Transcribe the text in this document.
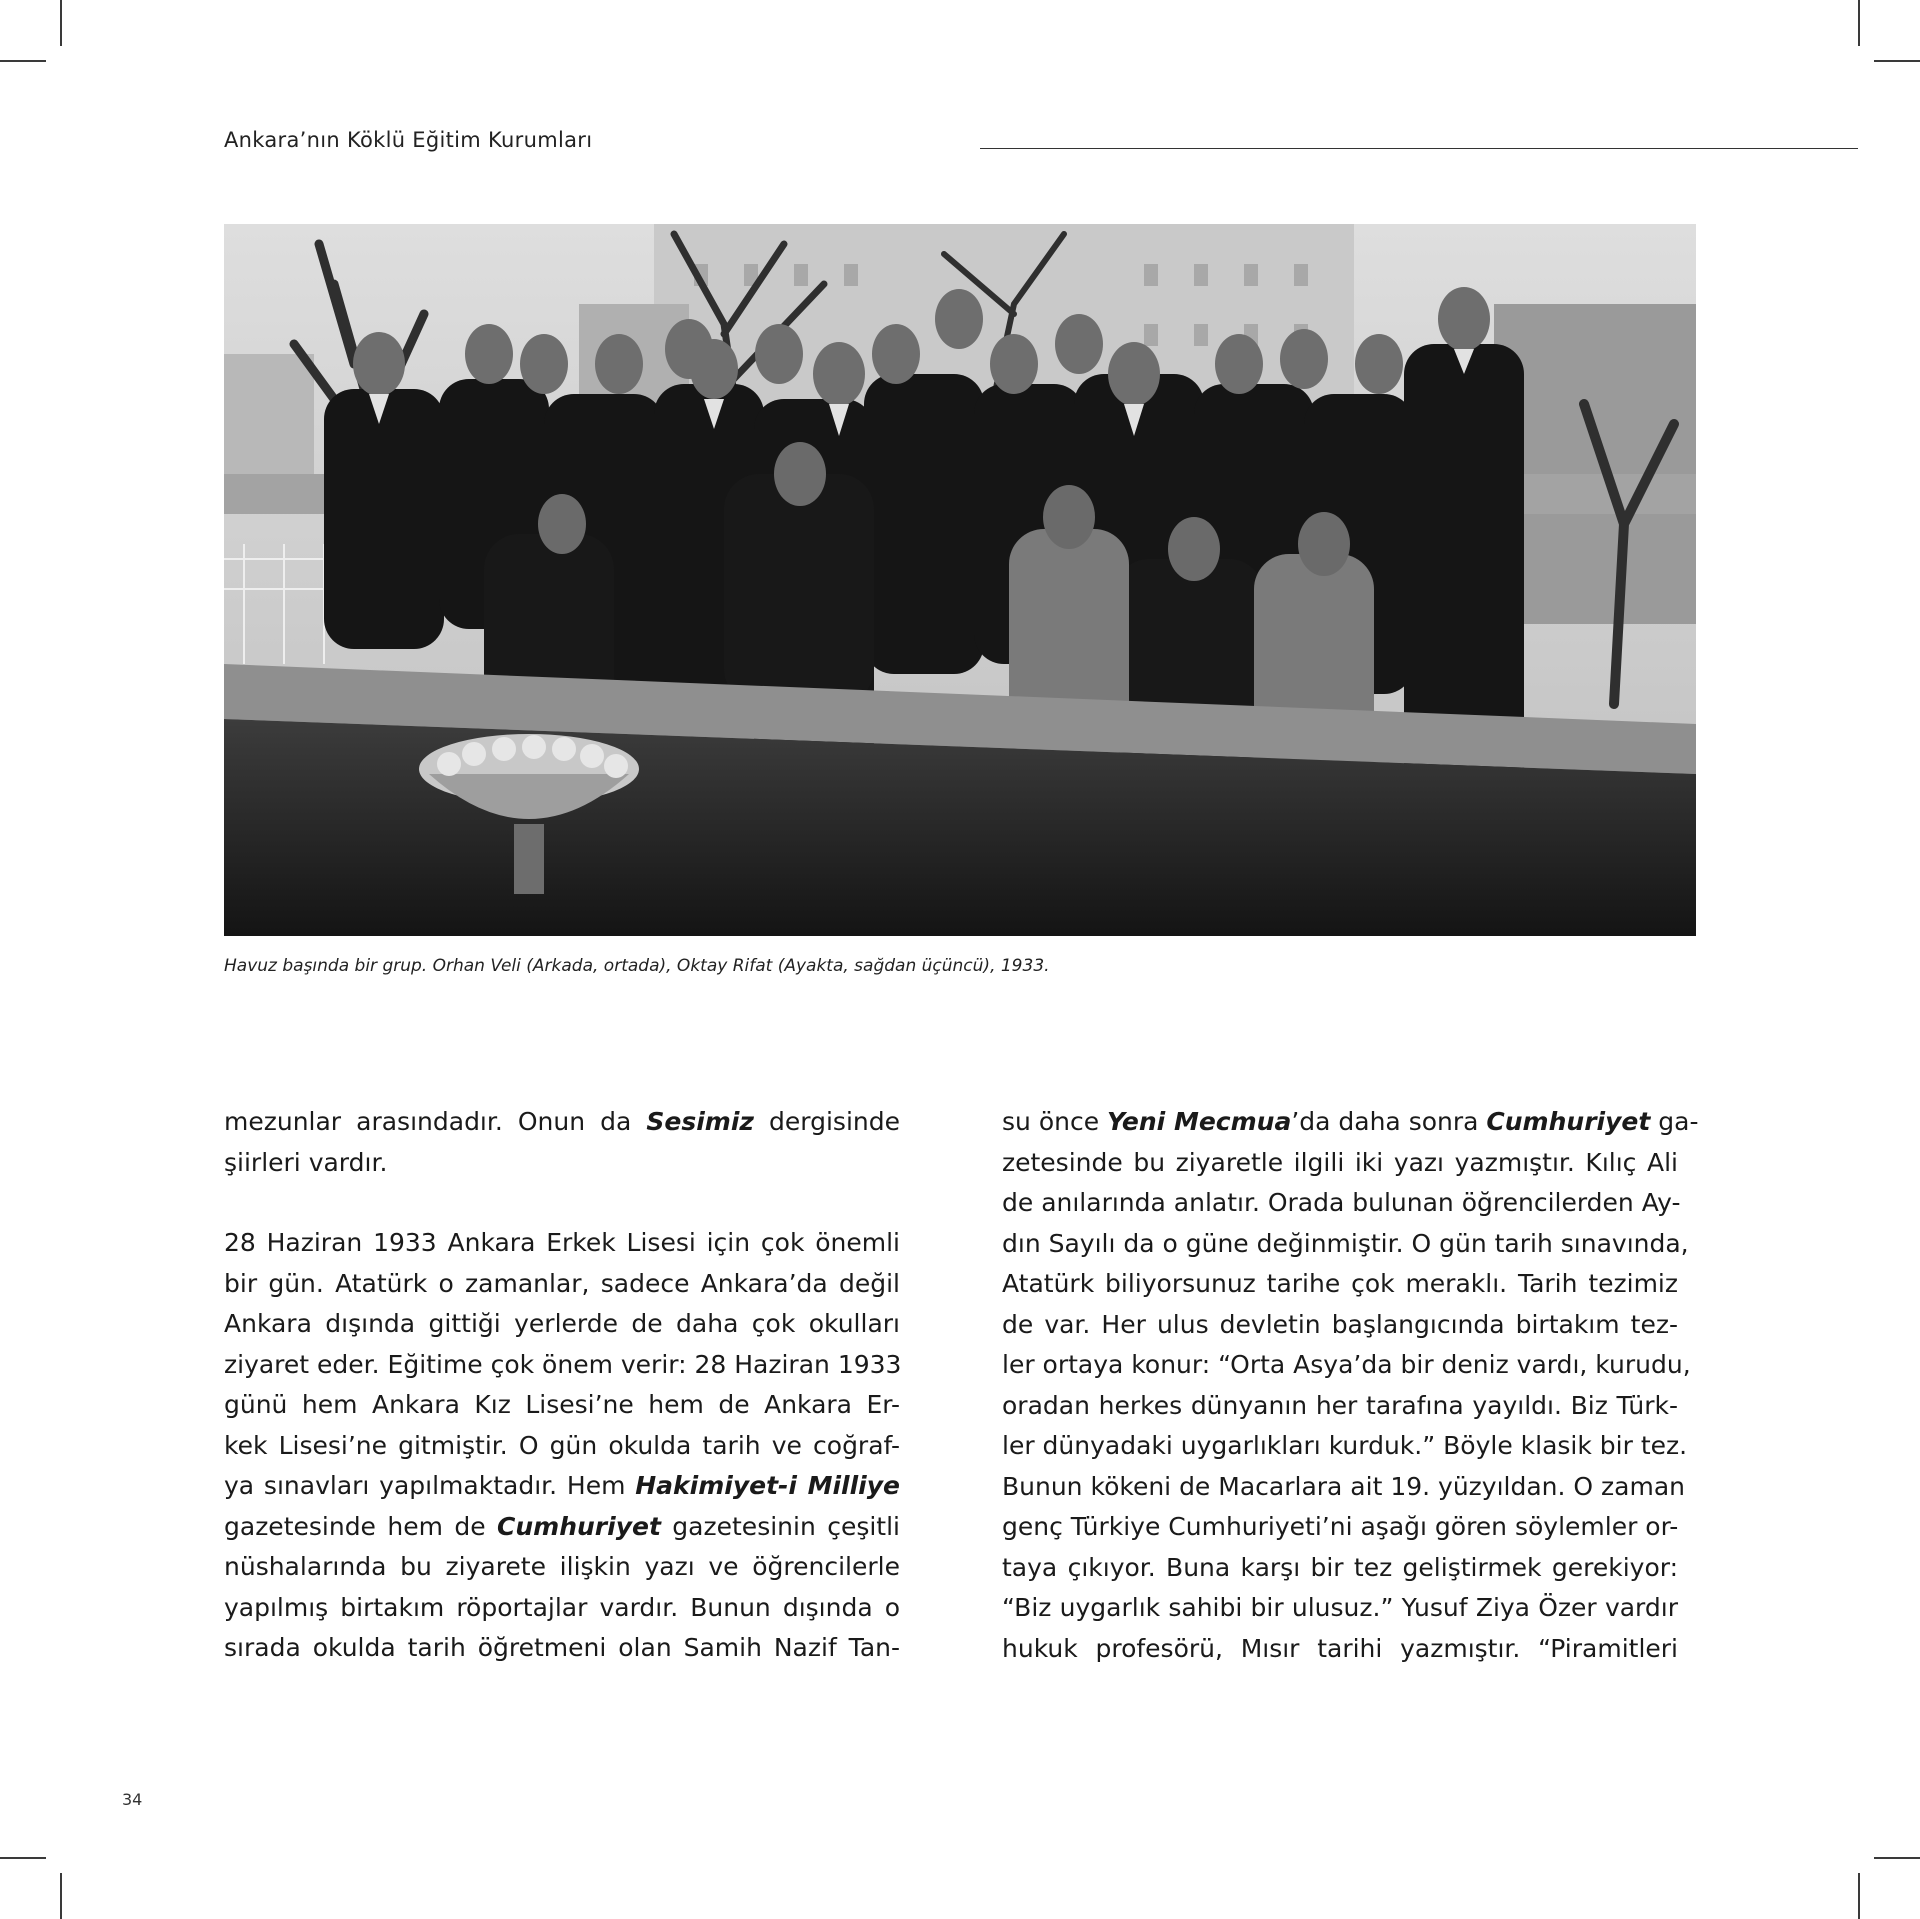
Ankara’nın Köklü Eğitim Kurumları
Havuz başında bir grup. Orhan Veli (Arkada, ortada), Oktay Rifat (Ayakta, sağdan üçüncü), 1933.

mezunlar arasındadır. Onun da Sesimiz dergisinde
şiirleri vardır.

28 Haziran 1933 Ankara Erkek Lisesi için çok önemli
bir gün. Atatürk o zamanlar, sadece Ankara’da değil
Ankara dışında gittiği yerlerde de daha çok okulları
ziyaret eder. Eğitime çok önem verir: 28 Haziran 1933
günü hem Ankara Kız Lisesi’ne hem de Ankara Er-
kek Lisesi’ne gitmiştir. O gün okulda tarih ve coğraf-
ya sınavları yapılmaktadır. Hem Hakimiyet-i Milliye
gazetesinde hem de Cumhuriyet gazetesinin çeşitli
nüshalarında bu ziyarete ilişkin yazı ve öğrencilerle
yapılmış birtakım röportajlar vardır. Bunun dışında o
sırada okulda tarih öğretmeni olan Samih Nazif Tan-

su önce Yeni Mecmua’da daha sonra Cumhuriyet ga-
zetesinde bu ziyaretle ilgili iki yazı yazmıştır. Kılıç Ali
de anılarında anlatır. Orada bulunan öğrencilerden Ay-
dın Sayılı da o güne değinmiştir. O gün tarih sınavında,
Atatürk biliyorsunuz tarihe çok meraklı. Tarih tezimiz
de var. Her ulus devletin başlangıcında birtakım tez-
ler ortaya konur: “Orta Asya’da bir deniz vardı, kurudu,
oradan herkes dünyanın her tarafına yayıldı. Biz Türk-
ler dünyadaki uygarlıkları kurduk.” Böyle klasik bir tez.
Bunun kökeni de Macarlara ait 19. yüzyıldan. O zaman
genç Türkiye Cumhuriyeti’ni aşağı gören söylemler or-
taya çıkıyor. Buna karşı bir tez geliştirmek gerekiyor:
“Biz uygarlık sahibi bir ulusuz.” Yusuf Ziya Özer vardır
hukuk profesörü, Mısır tarihi yazmıştır. “Piramitleri

34
